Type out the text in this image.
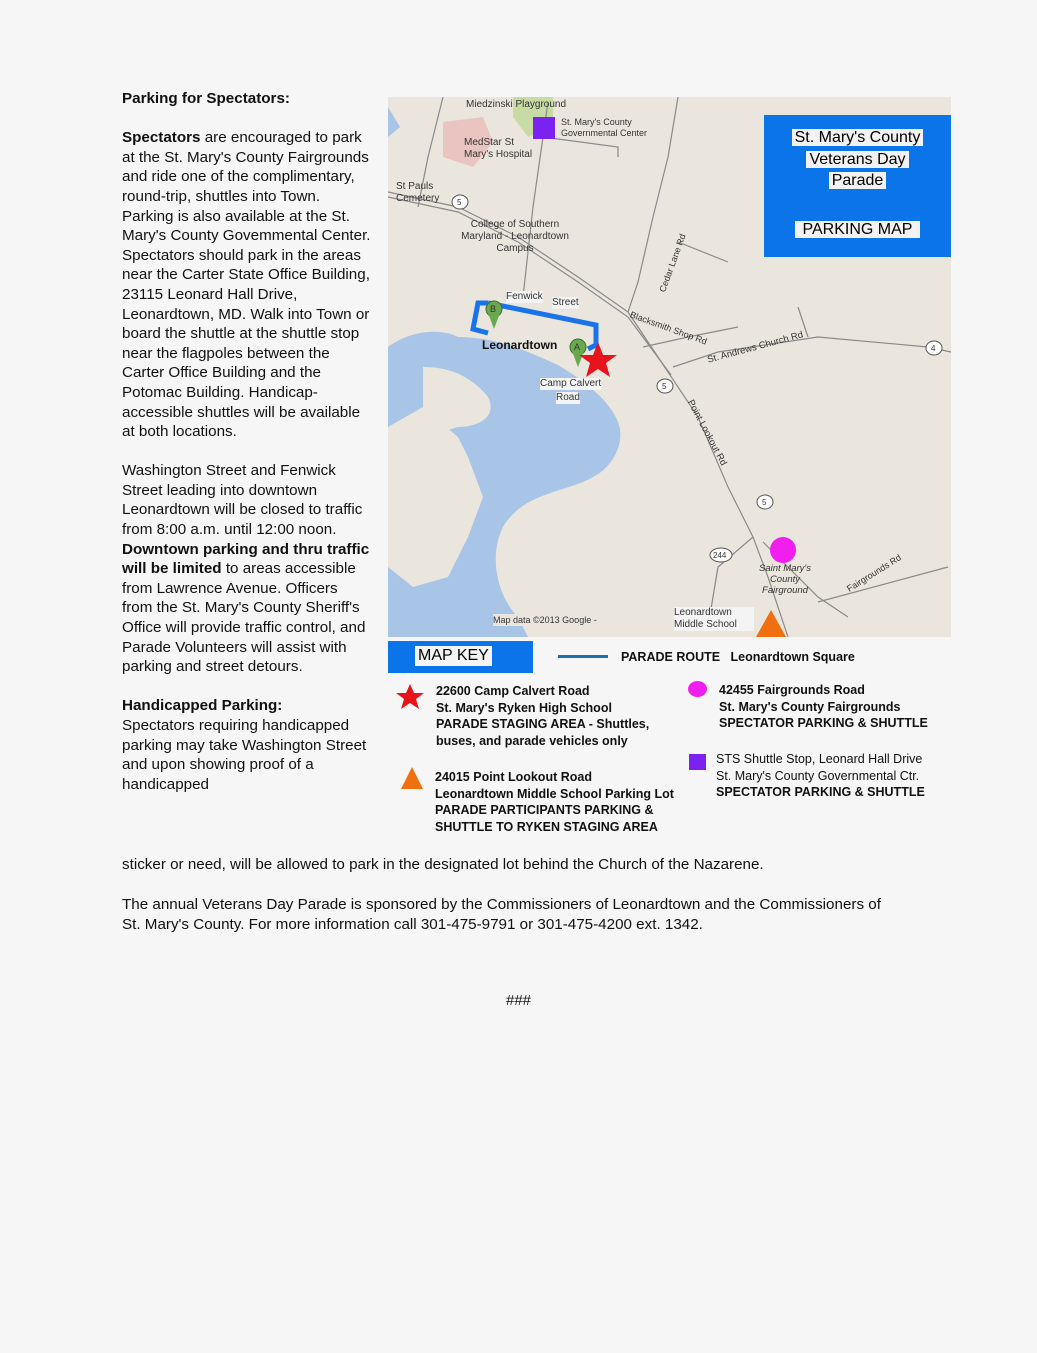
Parking for Spectators:

Spectators are encouraged to park at the St. Mary's County Fairgrounds and ride one of the complimentary, round-trip, shuttles into Town. Parking is also available at the St. Mary's County Govemmental Center. Spectators should park in the areas near the Carter State Office Building, 23115 Leonard Hall Drive, Leonardtown, MD. Walk into Town or board the shuttle at the shuttle stop near the flagpoles between the Carter Office Building and the Potomac Building. Handicap-accessible shuttles will be available at both locations.

Washington Street and Fenwick Street leading into downtown Leonardtown will be closed to traffic from 8:00 a.m. until 12:00 noon. Downtown parking and thru traffic will be limited to areas accessible from Lawrence Avenue. Officers from the St. Mary's County Sheriff's Office will provide traffic control, and Parade Volunteers will assist with parking and street detours.

Handicapped Parking:
Spectators requiring handicapped parking may take Washington Street and upon showing proof of a handicapped

sticker or need, will be allowed to park in the designated lot behind the Church of the Nazarene.
The annual Veterans Day Parade is sponsored by the Commissioners of Leonardtown and the Commissioners of St. Mary's County. For more information call 301-475-9791 or 301-475-4200 ext. 1342.
###
Miedzinski Playground
St. Mary's County Governmental Center
MedStar St Mary's Hospital
St Pauls Cemetery
College of Southern Maryland - Leonardtown Campus
Fenwick
Street
Leonardtown
Camp Calvert
Road
Cedar Lane Rd
Blacksmith Shop Rd
St. Andrews Church Rd
Point Lookout Rd
Saint Mary's County Fairground	Fairgrounds Rd
Leonardtown Middle School
Map data ©2013 Google -
5
5
5
4
244
B
A
St. Mary's County
Veterans Day
Parade
PARKING MAP
MAP KEY	PARADE ROUTE Leonardtown Square
22600 Camp Calvert Road
St. Mary's Ryken High School
PARADE STAGING AREA - Shuttles,
buses, and parade vehicles only
42455 Fairgrounds Road
St. Mary's County Fairgrounds
SPECTATOR PARKING & SHUTTLE
24015 Point Lookout Road
Leonardtown Middle School Parking Lot
PARADE PARTICIPANTS PARKING &
SHUTTLE TO RYKEN STAGING AREA
STS Shuttle Stop, Leonard Hall Drive
St. Mary's County Governmental Ctr.
SPECTATOR PARKING & SHUTTLE
